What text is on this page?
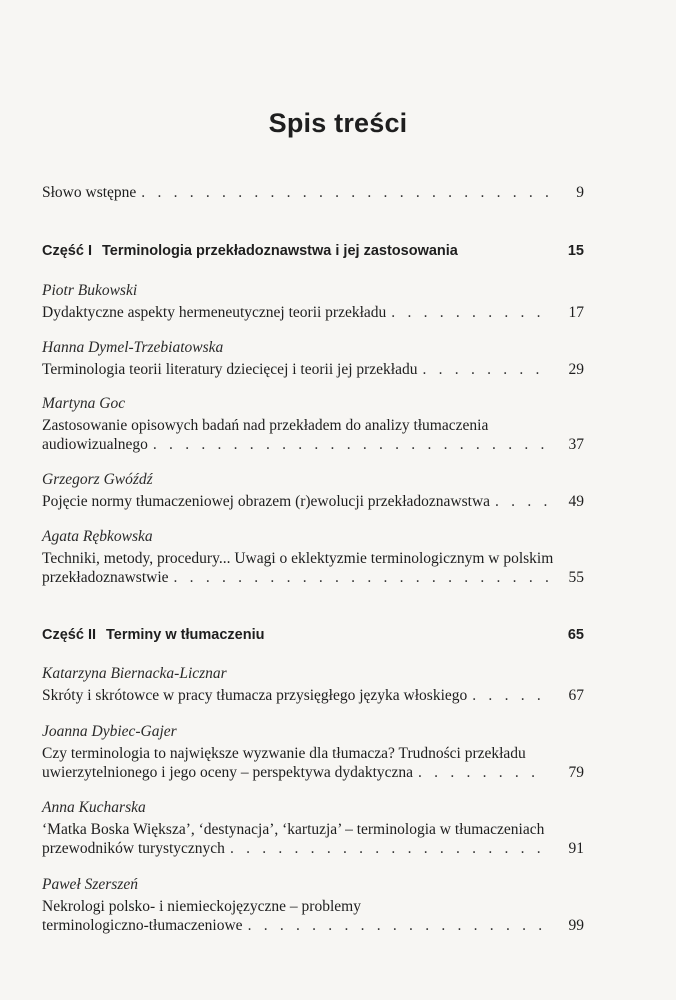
Spis treści
Słowo wstępne . . .	9
Część I Terminologia przekładoznawstwa i jej zastosowania	15
Piotr Bukowski
Dydaktyczne aspekty hermeneutycznej teorii przekładu . . .	17
Hanna Dymel-Trzebiatowska
Terminologia teorii literatury dziecięcej i teorii jej przekładu . . .	29
Martyna Goc
Zastosowanie opisowych badań nad przekładem do analizy tłumaczenia
audiowizualnego . . .	37
Grzegorz Gwóźdź
Pojęcie normy tłumaczeniowej obrazem (r)ewolucji przekładoznawstwa . . .	49
Agata Rębkowska
Techniki, metody, procedury... Uwagi o eklektyzmie terminologicznym w polskim
przekładoznawstwie . . .	55
Część II Terminy w tłumaczeniu	65
Katarzyna Biernacka-Licznar
Skróty i skrótowce w pracy tłumacza przysięgłego języka włoskiego . . .	67
Joanna Dybiec-Gajer
Czy terminologia to największe wyzwanie dla tłumacza? Trudności przekładu
uwierzytelnionego i jego oceny – perspektywa dydaktyczna . . .	79
Anna Kucharska
‘Matka Boska Większa’, ‘destynacja’, ‘kartuzja’ – terminologia w tłumaczeniach
przewodników turystycznych . . .	91
Paweł Szerszeń
Nekrologi polsko- i niemieckojęzyczne – problemy
terminologiczno-tłumaczeniowe . . .	99
